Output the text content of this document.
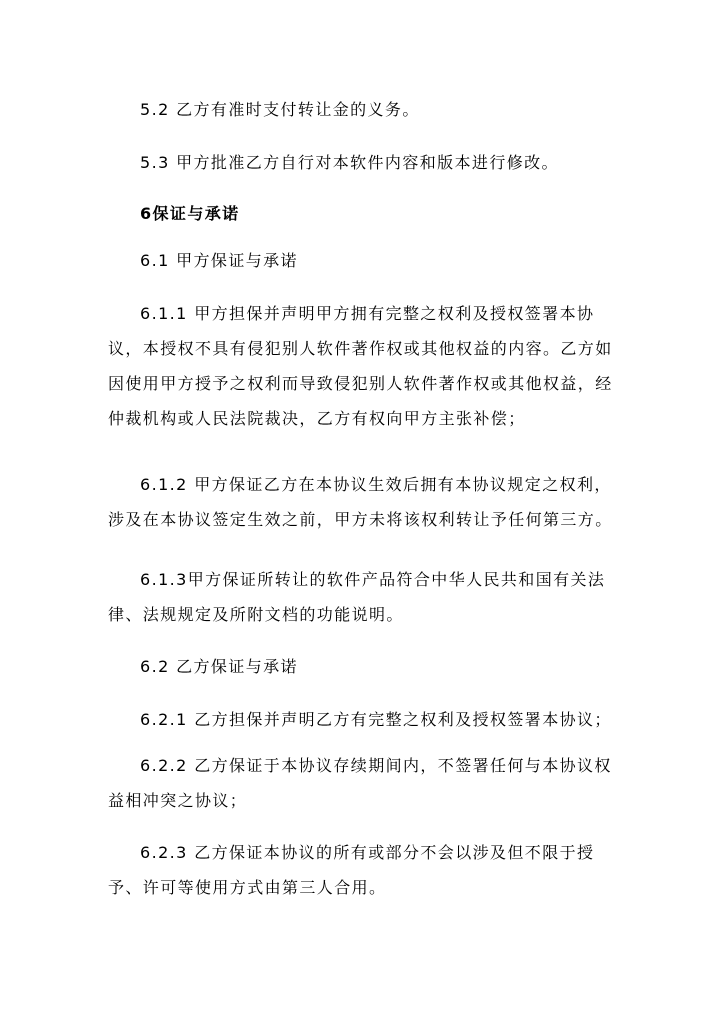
5.2 乙方有准时支付转让金的义务。

5.3 甲方批准乙方自行对本软件内容和版本进行修改。

6保证与承诺

6.1 甲方保证与承诺

6.1.1 甲方担保并声明甲方拥有完整之权利及授权签署本协议，本授权不具有侵犯别人软件著作权或其他权益的内容。乙方如因使用甲方授予之权利而导致侵犯别人软件著作权或其他权益，经仲裁机构或人民法院裁决，乙方有权向甲方主张补偿；

6.1.2 甲方保证乙方在本协议生效后拥有本协议规定之权利，涉及在本协议签定生效之前，甲方未将该权利转让予任何第三方。

6.1.3甲方保证所转让的软件产品符合中华人民共和国有关法律、法规规定及所附文档的功能说明。

6.2 乙方保证与承诺

6.2.1 乙方担保并声明乙方有完整之权利及授权签署本协议；

6.2.2 乙方保证于本协议存续期间内，不签署任何与本协议权益相冲突之协议；

6.2.3 乙方保证本协议的所有或部分不会以涉及但不限于授予、许可等使用方式由第三人合用。
